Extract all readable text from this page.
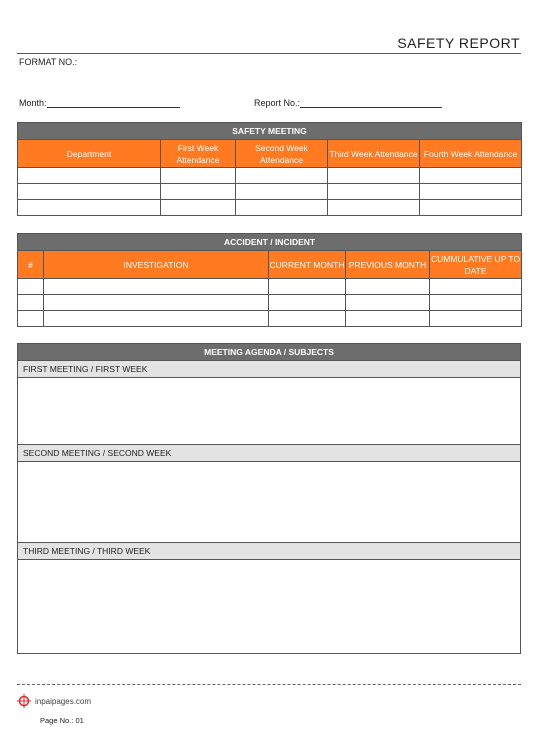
SAFETY REPORT
FORMAT NO.:
Month:	Report No.:
SAFETY MEETING				
Department	First Week Attendance	Second Week Attendance	Third Week Attendance	Fourth Week Attendance

ACCIDENT / INCIDENT				
#	INVESTIGATION	CURRENT MONTH	PREVIOUS MONTH	CUMMULATIVE UP TO DATE

MEETING AGENDA / SUBJECTS
FIRST MEETING / FIRST WEEK

SECOND MEETING / SECOND WEEK

THIRD MEETING / THIRD WEEK

inpaipages.com
Page No.: 01
